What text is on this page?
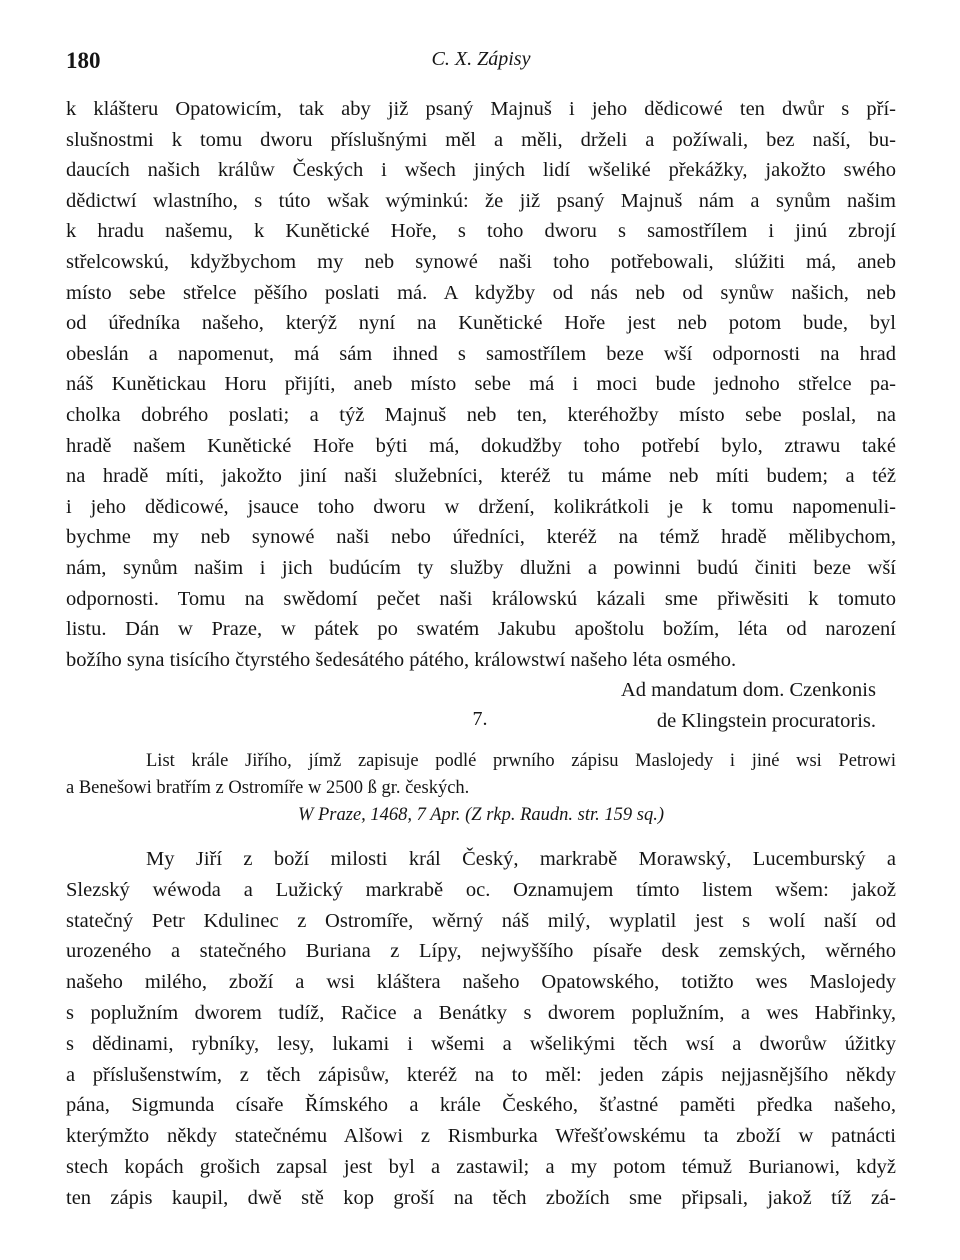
180	C. X. Zápisy
k klášteru Opatowicím, tak aby již psaný Majnuš i jeho dědicowé ten dwůr s pří-
slušnostmi k tomu dworu příslušnými měl a měli, drželi a požíwali, bez naší, bu-
daucích našich králůw Českých i wšech jiných lidí wšeliké překážky, jakožto swého
dědictwí wlastního, s túto wšak wýminkú: že již psaný Majnuš nám a synům našim
k hradu našemu, k Kunětické Hoře, s toho dworu s samostřílem i jinú zbrojí
střelcowskú, kdyžbychom my neb synowé naši toho potřebowali, slúžiti má, aneb
místo sebe střelce pěšího poslati má. A kdyžby od nás neb od synůw našich, neb
od úředníka našeho, kterýž nyní na Kunětické Hoře jest neb potom bude, byl
obeslán a napomenut, má sám ihned s samostřílem beze wší odpornosti na hrad
náš Kunětickau Horu přijíti, aneb místo sebe má i moci bude jednoho střelce pa-
cholka dobrého poslati; a týž Majnuš neb ten, kteréhožby místo sebe poslal, na
hradě našem Kunětické Hoře býti má, dokudžby toho potřebí bylo, ztrawu také
na hradě míti, jakožto jiní naši služebníci, kteréž tu máme neb míti budem; a též
i jeho dědicowé, jsauce toho dworu w držení, kolikrátkoli je k tomu napomenuli-
bychme my neb synowé naši nebo úředníci, kteréž na témž hradě mělibychom,
nám, synům našim i jich budúcím ty služby dlužni a powinni budú činiti beze wší
odpornosti. Tomu na swědomí pečet naši králowskú kázali sme přiwěsiti k tomuto
listu. Dán w Praze, w pátek po swatém Jakubu apoštolu božím, léta od narození
božího syna tisícího čtyrstého šedesátého pátého, králowstwí našeho léta osmého.
Ad mandatum dom. Czenkonis
de Klingstein procuratoris.
7.
List krále Jiřího, jímž zapisuje podlé prwního zápisu Maslojedy i jiné wsi Petrowi
a Benešowi bratřím z Ostromíře w 2500 ß gr. českých.
W Praze, 1468, 7 Apr. (Z rkp. Raudn. str. 159 sq.)
My Jiří z boží milosti král Český, markrabě Morawský, Lucemburský a
Slezský wéwoda a Lužický markrabě oc. Oznamujem tímto listem wšem: jakož
statečný Petr Kdulinec z Ostromíře, wěrný náš milý, wyplatil jest s wolí naší od
urozeného a statečného Buriana z Lípy, nejwyššího písaře desk zemských, wěrného
našeho milého, zboží a wsi kláštera našeho Opatowského, totižto wes Maslojedy
s poplužním dworem tudíž, Račice a Benátky s dworem poplužním, a wes Habřinky,
s dědinami, rybníky, lesy, lukami i wšemi a wšelikými těch wsí a dworůw úžitky
a příslušenstwím, z těch zápisůw, kteréž na to měl: jeden zápis nejjasnějšího někdy
pána, Sigmunda císaře Římského a krále Českého, šťastné paměti předka našeho,
kterýmžto někdy statečnému Alšowi z Rismburka Wřešťowskému ta zboží w patnácti
stech kopách grošich zapsal jest byl a zastawil; a my potom témuž Burianowi, když
ten zápis kaupil, dwě stě kop groší na těch zbožích sme připsali, jakož tíž zá-
